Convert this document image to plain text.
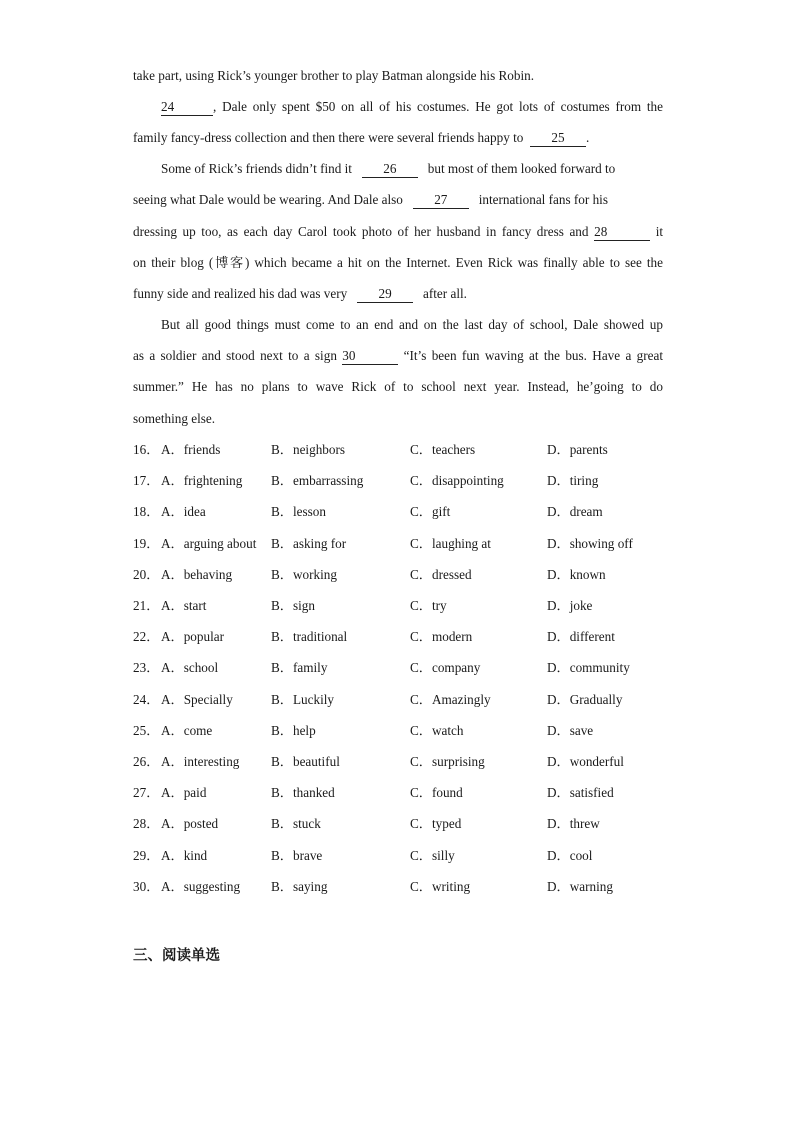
take part, using Rick’s younger brother to play Batman alongside his Robin.
24	, Dale only spent $50 on all of his costumes. He got lots of costumes from the
family fancy-dress collection and then there were several friends happy to 25 .
Some of Rick’s friends didn’t find it 26 but most of them looked forward to
seeing what Dale would be wearing. And Dale also 27 international fans for his
dressing up too, as each day Carol took photo of her husband in fancy dress and 28	it
on their blog (博客) which became a hit on the Internet. Even Rick was finally able to see the
funny side and realized his dad was very 29 after all.
But all good things must come to an end and on the last day of school, Dale showed up
as a soldier and stood next to a sign 30	“It’s been fun waving at the bus. Have a great
summer.” He has no plans to wave Rick of to school next year. Instead, he’going to do
something else.
16． A．friends	B．neighbors	C．teachers	D．parents
17． A．frightening B．embarrassing	C．disappointing	D．tiring
18． A．idea	B．lesson	C．gift	D．dream
19． A．arguing about B．asking for	C．laughing at	D．showing off
20． A．behaving	B．working	C．dressed	D．known
21． A．start	B．sign	C．try	D．joke
22． A．popular	B．traditional	C．modern	D．different
23． A．school	B．family	C．company	D．community
24． A．Specially	B．Luckily	C．Amazingly	D．Gradually
25． A．come	B．help	C．watch	D．save
26． A．interesting B．beautiful	C．surprising	D．wonderful
27． A．paid	B．thanked	C．found	D．satisfied
28． A．posted	B．stuck	C．typed	D．threw
29． A．kind	B．brave	C．silly	D．cool
30． A．suggesting B．saying	C．writing	D．warning
三、阅读单选
